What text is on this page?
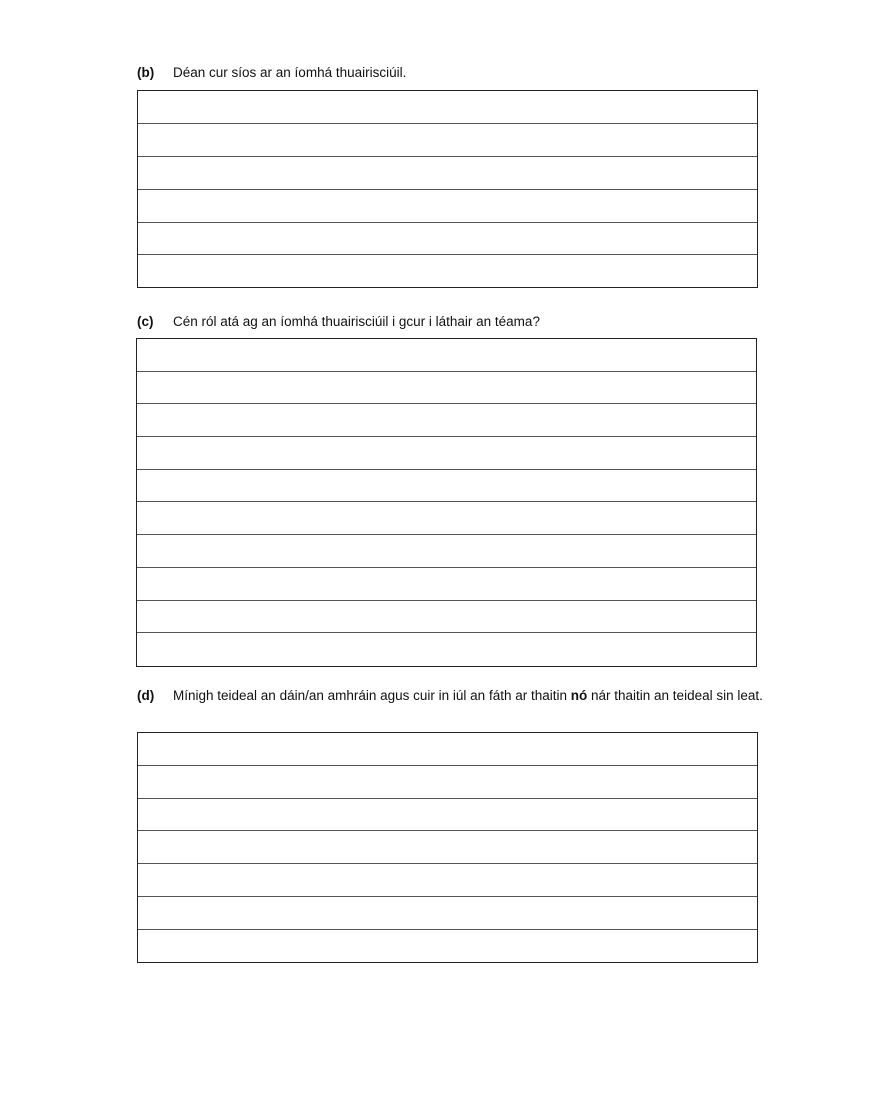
(b) Déan cur síos ar an íomhá thuairisciúil.
(c) Cén ról atá ag an íomhá thuairisciúil i gcur i láthair an téama?
(d) Mínigh teideal an dáin/an amhráin agus cuir in iúl an fáth ar thaitin nó nár thaitin an teideal sin leat.
